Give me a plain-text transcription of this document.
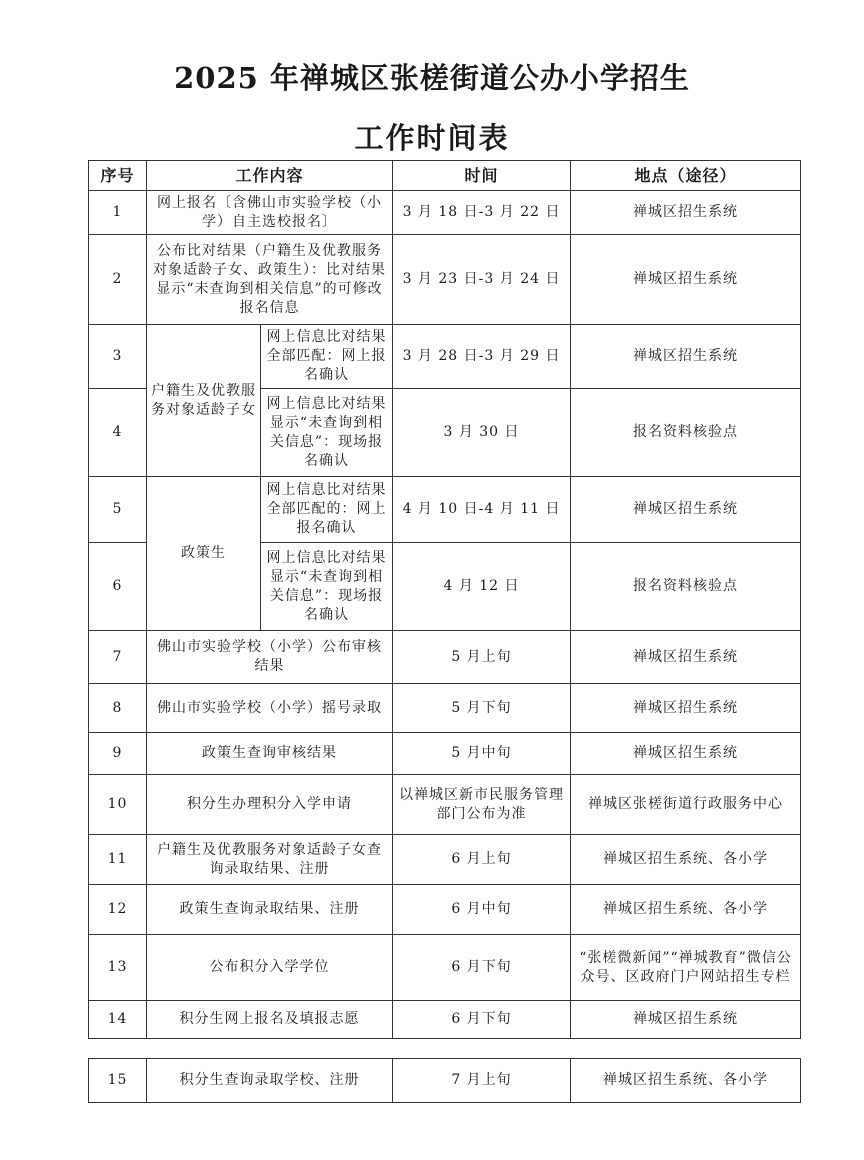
2025 年禅城区张槎街道公办小学招生
工作时间表
序号	工作内容		时间	地点（途径）
1	网上报名〔含佛山市实验学校（小学）自主选校报名〕		3 月 18 日-3 月 22 日	禅城区招生系统
2	公布比对结果（户籍生及优教服务对象适龄子女、政策生）：比对结果显示“未查询到相关信息”的可修改报名信息		3 月 23 日-3 月 24 日	禅城区招生系统
3	户籍生及优教服务对象适龄子女	网上信息比对结果全部匹配：网上报名确认	3 月 28 日-3 月 29 日	禅城区招生系统
4		网上信息比对结果显示“未查询到相关信息”：现场报名确认	3 月 30 日	报名资料核验点
5	政策生	网上信息比对结果全部匹配的：网上报名确认	4 月 10 日-4 月 11 日	禅城区招生系统
6		网上信息比对结果显示“未查询到相关信息”：现场报名确认	4 月 12 日	报名资料核验点
7	佛山市实验学校（小学）公布审核结果		5 月上旬	禅城区招生系统
8	佛山市实验学校（小学）摇号录取		5 月下旬	禅城区招生系统
9	政策生查询审核结果		5 月中旬	禅城区招生系统
10	积分生办理积分入学申请		以禅城区新市民服务管理部门公布为准	禅城区张槎街道行政服务中心
11	户籍生及优教服务对象适龄子女查询录取结果、注册		6 月上旬	禅城区招生系统、各小学
12	政策生查询录取结果、注册		6 月中旬	禅城区招生系统、各小学
13	公布积分入学学位		6 月下旬	“张槎微新闻”“禅城教育”微信公众号、区政府门户网站招生专栏
14	积分生网上报名及填报志愿		6 月下旬	禅城区招生系统
15	积分生查询录取学校、注册	7 月上旬	禅城区招生系统、各小学
